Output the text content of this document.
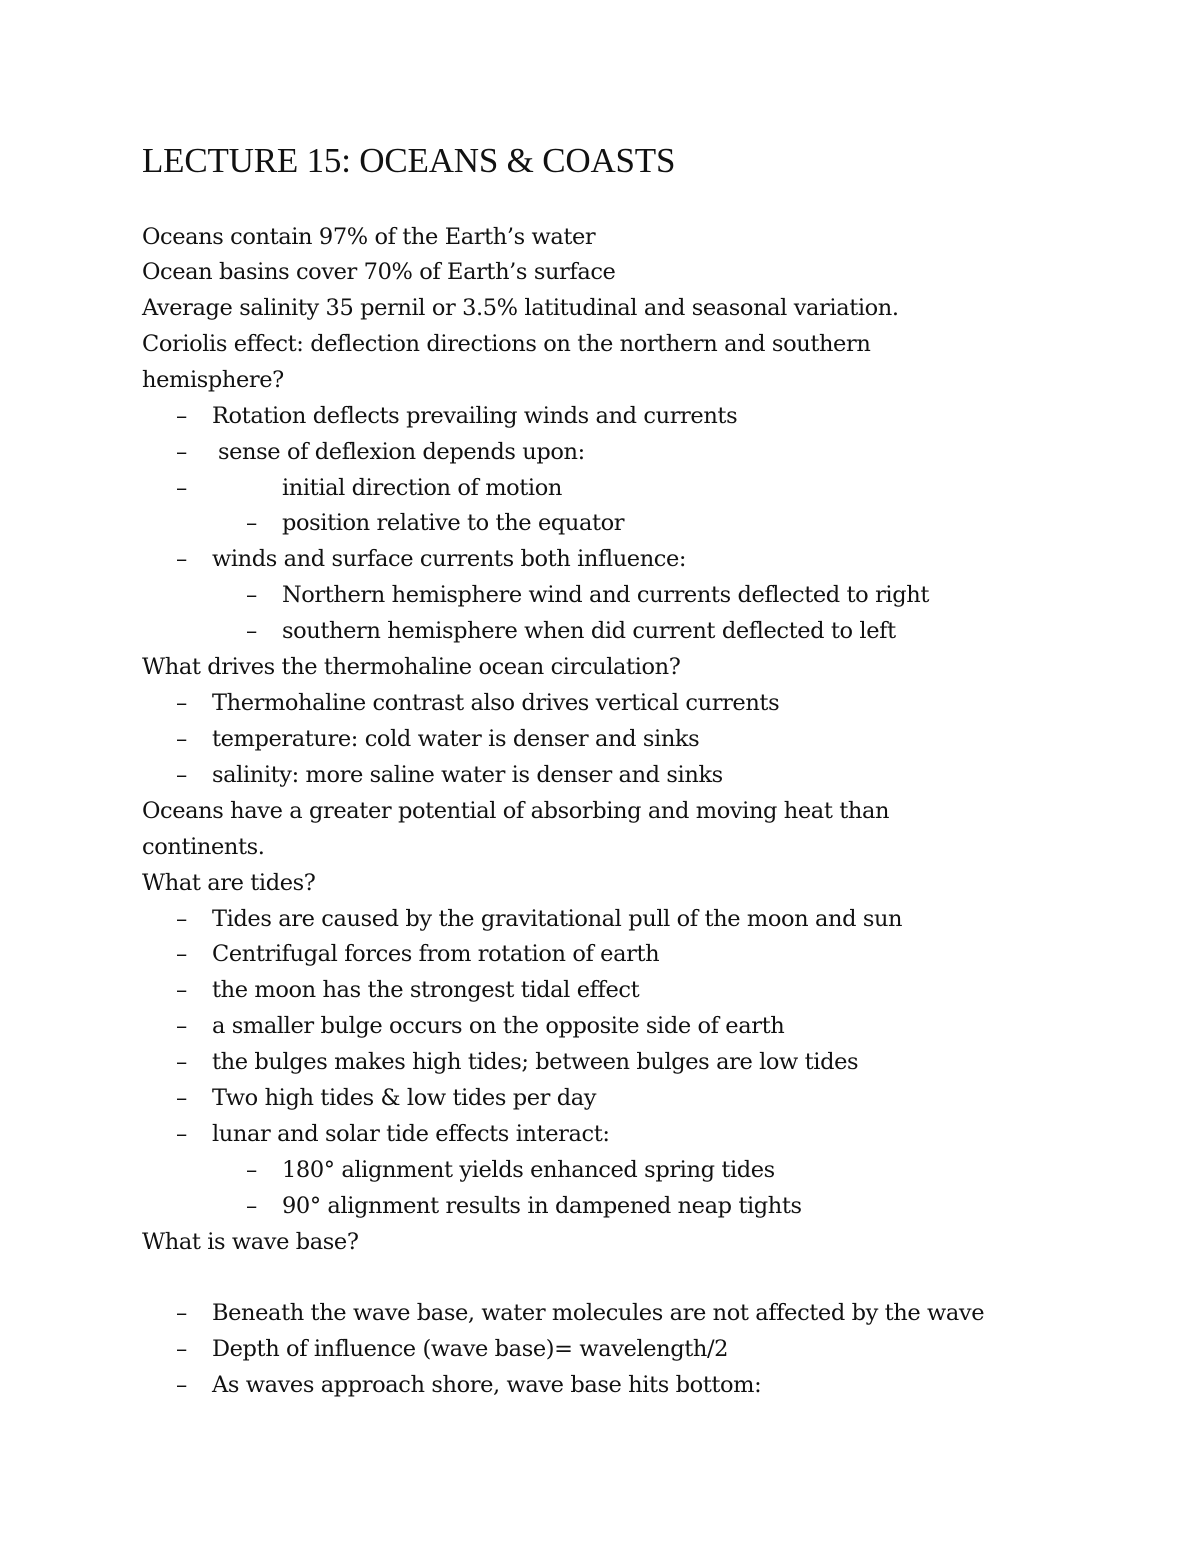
LECTURE 15: OCEANS & COASTS
Oceans contain 97% of the Earth’s water
Ocean basins cover 70% of Earth’s surface
Average salinity 35 pernil or 3.5% latitudinal and seasonal variation.
Coriolis effect: deflection directions on the northern and southern
hemisphere?
– Rotation deflects prevailing winds and currents
– sense of deflexion depends upon:
–	initial direction of motion
– position relative to the equator
– winds and surface currents both influence:
– Northern hemisphere wind and currents deflected to right
– southern hemisphere when did current deflected to left
What drives the thermohaline ocean circulation?
– Thermohaline contrast also drives vertical currents
– temperature: cold water is denser and sinks
– salinity: more saline water is denser and sinks
Oceans have a greater potential of absorbing and moving heat than
continents.
What are tides?
– Tides are caused by the gravitational pull of the moon and sun
– Centrifugal forces from rotation of earth
– the moon has the strongest tidal effect
– a smaller bulge occurs on the opposite side of earth
– the bulges makes high tides; between bulges are low tides
– Two high tides & low tides per day
– lunar and solar tide effects interact:
– 180° alignment yields enhanced spring tides
– 90° alignment results in dampened neap tights
What is wave base?
– Beneath the wave base, water molecules are not affected by the wave
– Depth of influence (wave base)= wavelength/2
– As waves approach shore, wave base hits bottom:
